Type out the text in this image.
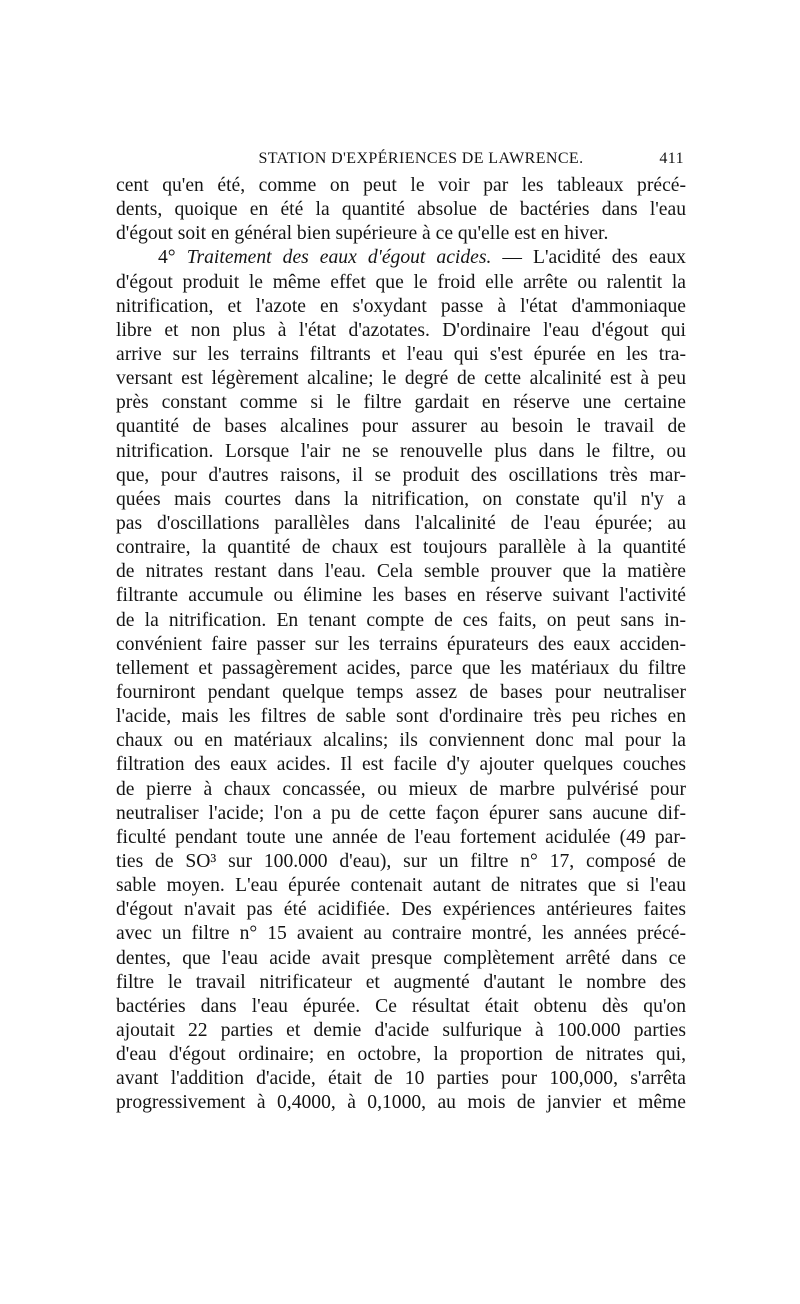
STATION D'EXPÉRIENCES DE LAWRENCE.	411
cent qu'en été, comme on peut le voir par les tableaux précé-
dents, quoique en été la quantité absolue de bactéries dans l'eau
d'égout soit en général bien supérieure à ce qu'elle est en hiver.
4° Traitement des eaux d'égout acides. — L'acidité des eaux
d'égout produit le même effet que le froid elle arrête ou ralentit la
nitrification, et l'azote en s'oxydant passe à l'état d'ammoniaque
libre et non plus à l'état d'azotates. D'ordinaire l'eau d'égout qui
arrive sur les terrains filtrants et l'eau qui s'est épurée en les tra-
versant est légèrement alcaline; le degré de cette alcalinité est à peu
près constant comme si le filtre gardait en réserve une certaine
quantité de bases alcalines pour assurer au besoin le travail de
nitrification. Lorsque l'air ne se renouvelle plus dans le filtre, ou
que, pour d'autres raisons, il se produit des oscillations très mar-
quées mais courtes dans la nitrification, on constate qu'il n'y a
pas d'oscillations parallèles dans l'alcalinité de l'eau épurée; au
contraire, la quantité de chaux est toujours parallèle à la quantité
de nitrates restant dans l'eau. Cela semble prouver que la matière
filtrante accumule ou élimine les bases en réserve suivant l'activité
de la nitrification. En tenant compte de ces faits, on peut sans in-
convénient faire passer sur les terrains épurateurs des eaux acciden-
tellement et passagèrement acides, parce que les matériaux du filtre
fourniront pendant quelque temps assez de bases pour neutraliser
l'acide, mais les filtres de sable sont d'ordinaire très peu riches en
chaux ou en matériaux alcalins; ils conviennent donc mal pour la
filtration des eaux acides. Il est facile d'y ajouter quelques couches
de pierre à chaux concassée, ou mieux de marbre pulvérisé pour
neutraliser l'acide; l'on a pu de cette façon épurer sans aucune dif-
ficulté pendant toute une année de l'eau fortement acidulée (49 par-
ties de SO³ sur 100.000 d'eau), sur un filtre n° 17, composé de
sable moyen. L'eau épurée contenait autant de nitrates que si l'eau
d'égout n'avait pas été acidifiée. Des expériences antérieures faites
avec un filtre n° 15 avaient au contraire montré, les années précé-
dentes, que l'eau acide avait presque complètement arrêté dans ce
filtre le travail nitrificateur et augmenté d'autant le nombre des
bactéries dans l'eau épurée. Ce résultat était obtenu dès qu'on
ajoutait 22 parties et demie d'acide sulfurique à 100.000 parties
d'eau d'égout ordinaire; en octobre, la proportion de nitrates qui,
avant l'addition d'acide, était de 10 parties pour 100,000, s'arrêta
progressivement à 0,4000, à 0,1000, au mois de janvier et même
